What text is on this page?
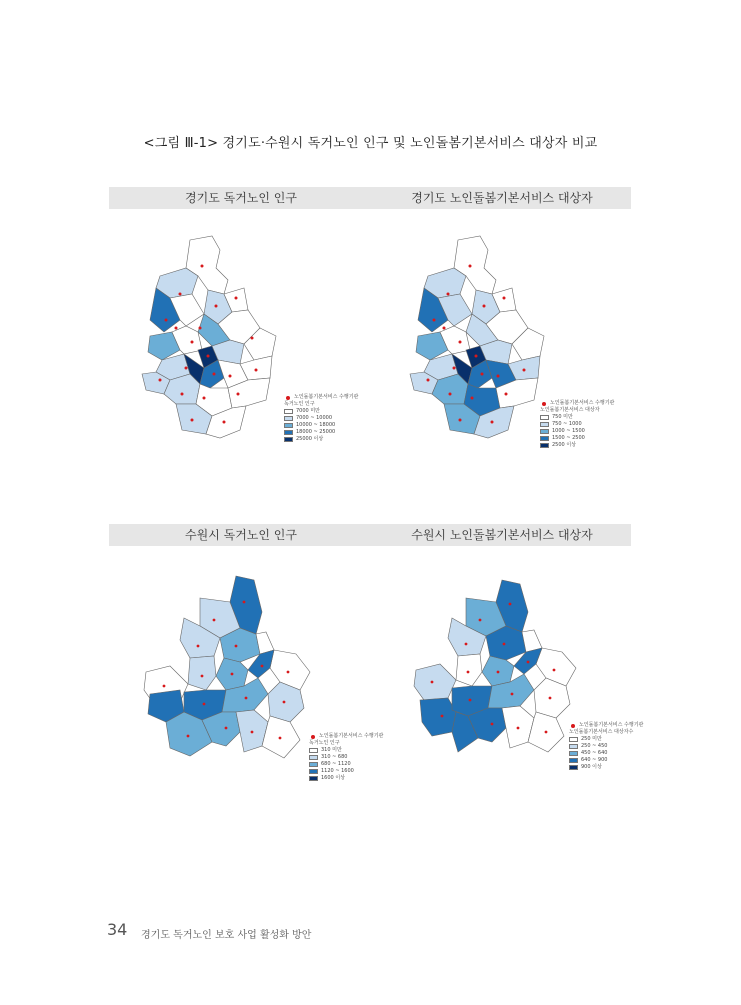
<그림 Ⅲ-1> 경기도·수원시 독거노인 인구 및 노인돌봄기본서비스 대상자 비교
경기도 독거노인 인구	경기도 노인돌봄기본서비스 대상자
수원시 독거노인 인구	수원시 노인돌봄기본서비스 대상자
노인돌봄기본서비스 수행기관
독거노인 인구
7000 미만
7000 ~ 10000
10000 ~ 18000
18000 ~ 25000
25000 이상
노인돌봄기본서비스 수행기관
노인돌봄기본서비스 대상자
750 미만
750 ~ 1000
1000 ~ 1500
1500 ~ 2500
2500 이상
노인돌봄기본서비스 수행기관
독거노인 인구
310 미만
310 ~ 680
680 ~ 1120
1120 ~ 1600
1600 이상
노인돌봄기본서비스 수행기관
노인돌봄기본서비스 대상자수
250 미만
250 ~ 450
450 ~ 640
640 ~ 900
900 이상
34 경기도 독거노인 보호 사업 활성화 방안
